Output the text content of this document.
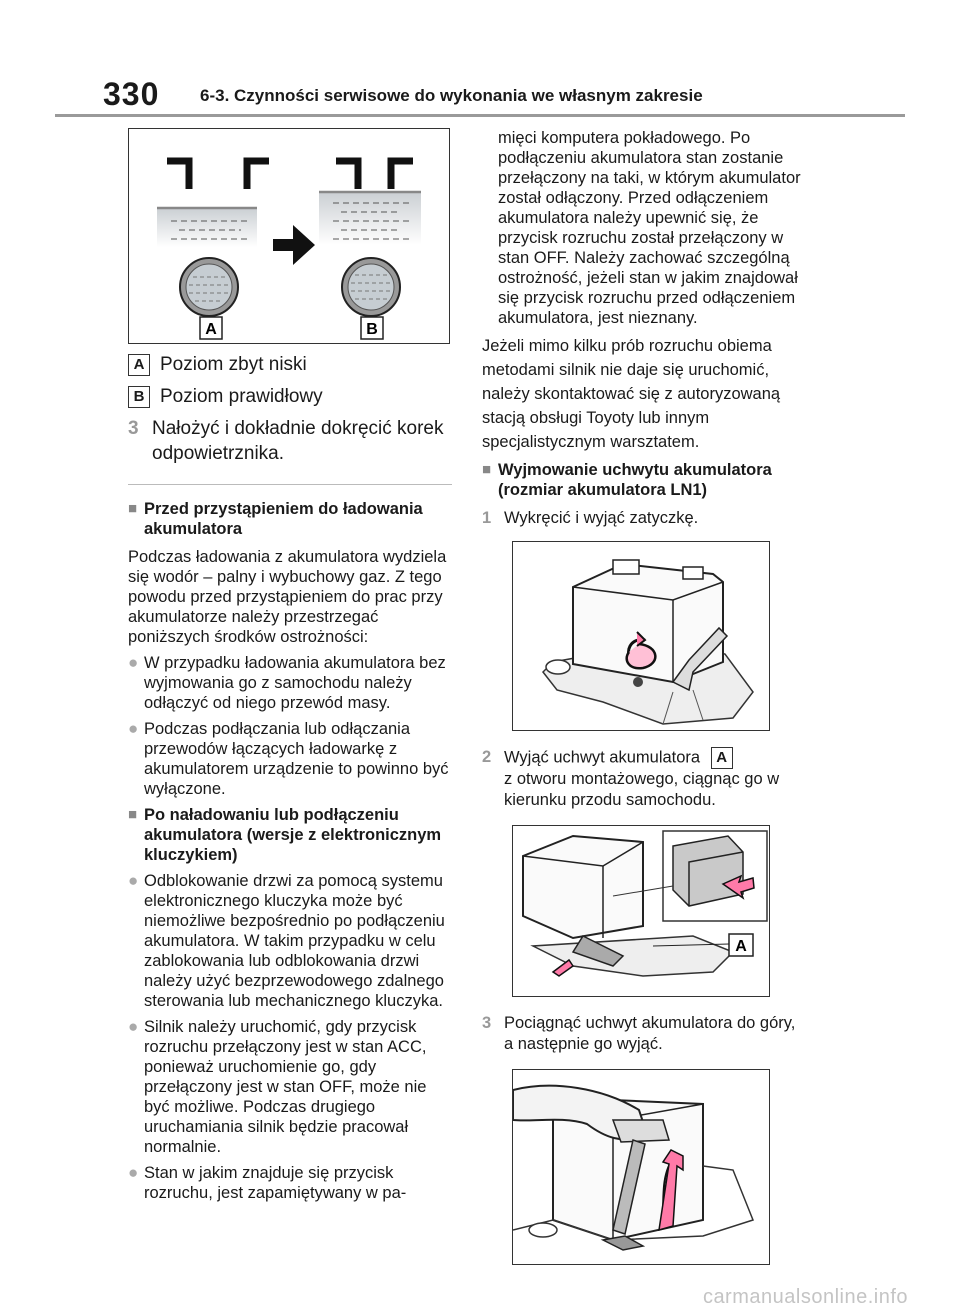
330 6-3. Czynności serwisowe do wykonania we własnym zakresie
A	B
A Poziom zbyt niski
B Poziom prawidłowy
3 Nałożyć i dokładnie dokręcić korek odpowietrznika.
■ Przed przystąpieniem do ładowania akumulatora
Podczas ładowania z akumulatora wydziela się wodór – palny i wybuchowy gaz. Z tego powodu przed przystąpieniem do prac przy akumulatorze należy przestrzegać poniższych środków ostrożności:
● W przypadku ładowania akumulatora bez wyjmowania go z samochodu należy odłączyć od niego przewód masy.
● Podczas podłączania lub odłączania przewodów łączących ładowarkę z akumulatorem urządzenie to powinno być wyłączone.
■ Po naładowaniu lub podłączeniu akumulatora (wersje z elektronicznym kluczykiem)
● Odblokowanie drzwi za pomocą systemu elektronicznego kluczyka może być niemożliwe bezpośrednio po podłączeniu akumulatora. W takim przypadku w celu zablokowania lub odblokowania drzwi należy użyć bezprzewodowego zdalnego sterowania lub mechanicznego kluczyka.
● Silnik należy uruchomić, gdy przycisk rozruchu przełączony jest w stan ACC, ponieważ uruchomienie go, gdy przełączony jest w stan OFF, może nie być możliwe. Podczas drugiego uruchamiania silnik będzie pracował normalnie.
● Stan w jakim znajduje się przycisk rozruchu, jest zapamiętywany w pa-
mięci komputera pokładowego. Po podłączeniu akumulatora stan zostanie przełączony na taki, w którym akumulator został odłączony. Przed odłączeniem akumulatora należy upewnić się, że przycisk rozruchu został przełączony w stan OFF. Należy zachować szczególną ostrożność, jeżeli stan w jakim znajdował się przycisk rozruchu przed odłączeniem akumulatora, jest nieznany.
Jeżeli mimo kilku prób rozruchu obiema metodami silnik nie daje się uruchomić, należy skontaktować się z autoryzowaną stacją obsługi Toyoty lub innym specjalistycznym warsztatem.
■ Wyjmowanie uchwytu akumulatora (rozmiar akumulatora LN1)
1 Wykręcić i wyjąć zatyczkę.
2 Wyjąć uchwyt akumulatora A
z otworu montażowego, ciągnąc go w kierunku przodu samochodu.
A
3 Pociągnąć uchwyt akumulatora do góry, a następnie go wyjąć.
carmanualsonline.info
